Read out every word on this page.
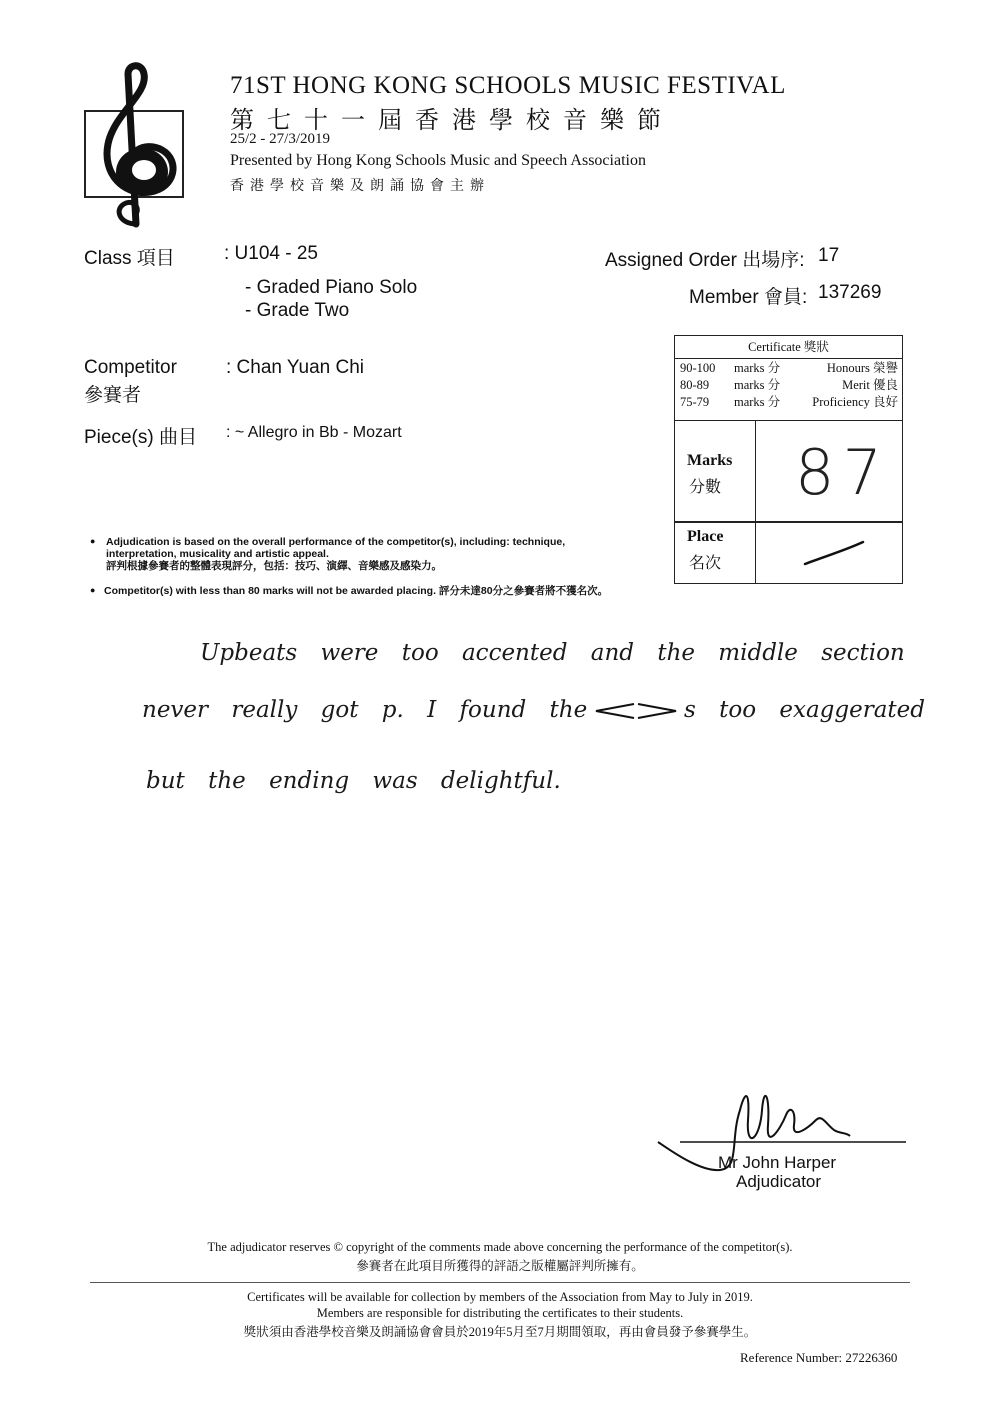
71ST HONG KONG SCHOOLS MUSIC FESTIVAL
第七十一屆香港學校音樂節
25/2 - 27/3/2019
Presented by Hong Kong Schools Music and Speech Association
香港學校音樂及朗誦協會主辦
Class 項目	: U104 - 25
- Graded Piano Solo
- Grade Two
Assigned Order 出場序: 17
Member 會員: 137269
Competitor
參賽者
: Chan Yuan Chi
Piece(s) 曲目 : ~ Allegro in Bb - Mozart
Certificate 獎狀
90-100 marks 分	Honours 榮譽
80-89 marks 分	Merit 優良
75-79 marks 分	Proficiency 良好
Marks
分數 87
Place
名次
● Adjudication is based on the overall performance of the competitor(s), including: technique,
interpretation, musicality and artistic appeal.
評判根據參賽者的整體表現評分，包括：技巧、演繹、音樂感及感染力。
● Competitor(s) with less than 80 marks will not be awarded placing. 評分未達80分之參賽者將不獲名次。
Upbeats were too accented and the middle section
never really got p. I found the	s too exaggerated
but the ending was delightful.
Mr John Harper
Adjudicator
The adjudicator reserves © copyright of the comments made above concerning the performance of the competitor(s).
參賽者在此項目所獲得的評語之版權屬評判所擁有。
Certificates will be available for collection by members of the Association from May to July in 2019.
Members are responsible for distributing the certificates to their students.
獎狀須由香港學校音樂及朗誦協會會員於2019年5月至7月期間領取，再由會員發予參賽學生。
Reference Number: 27226360
